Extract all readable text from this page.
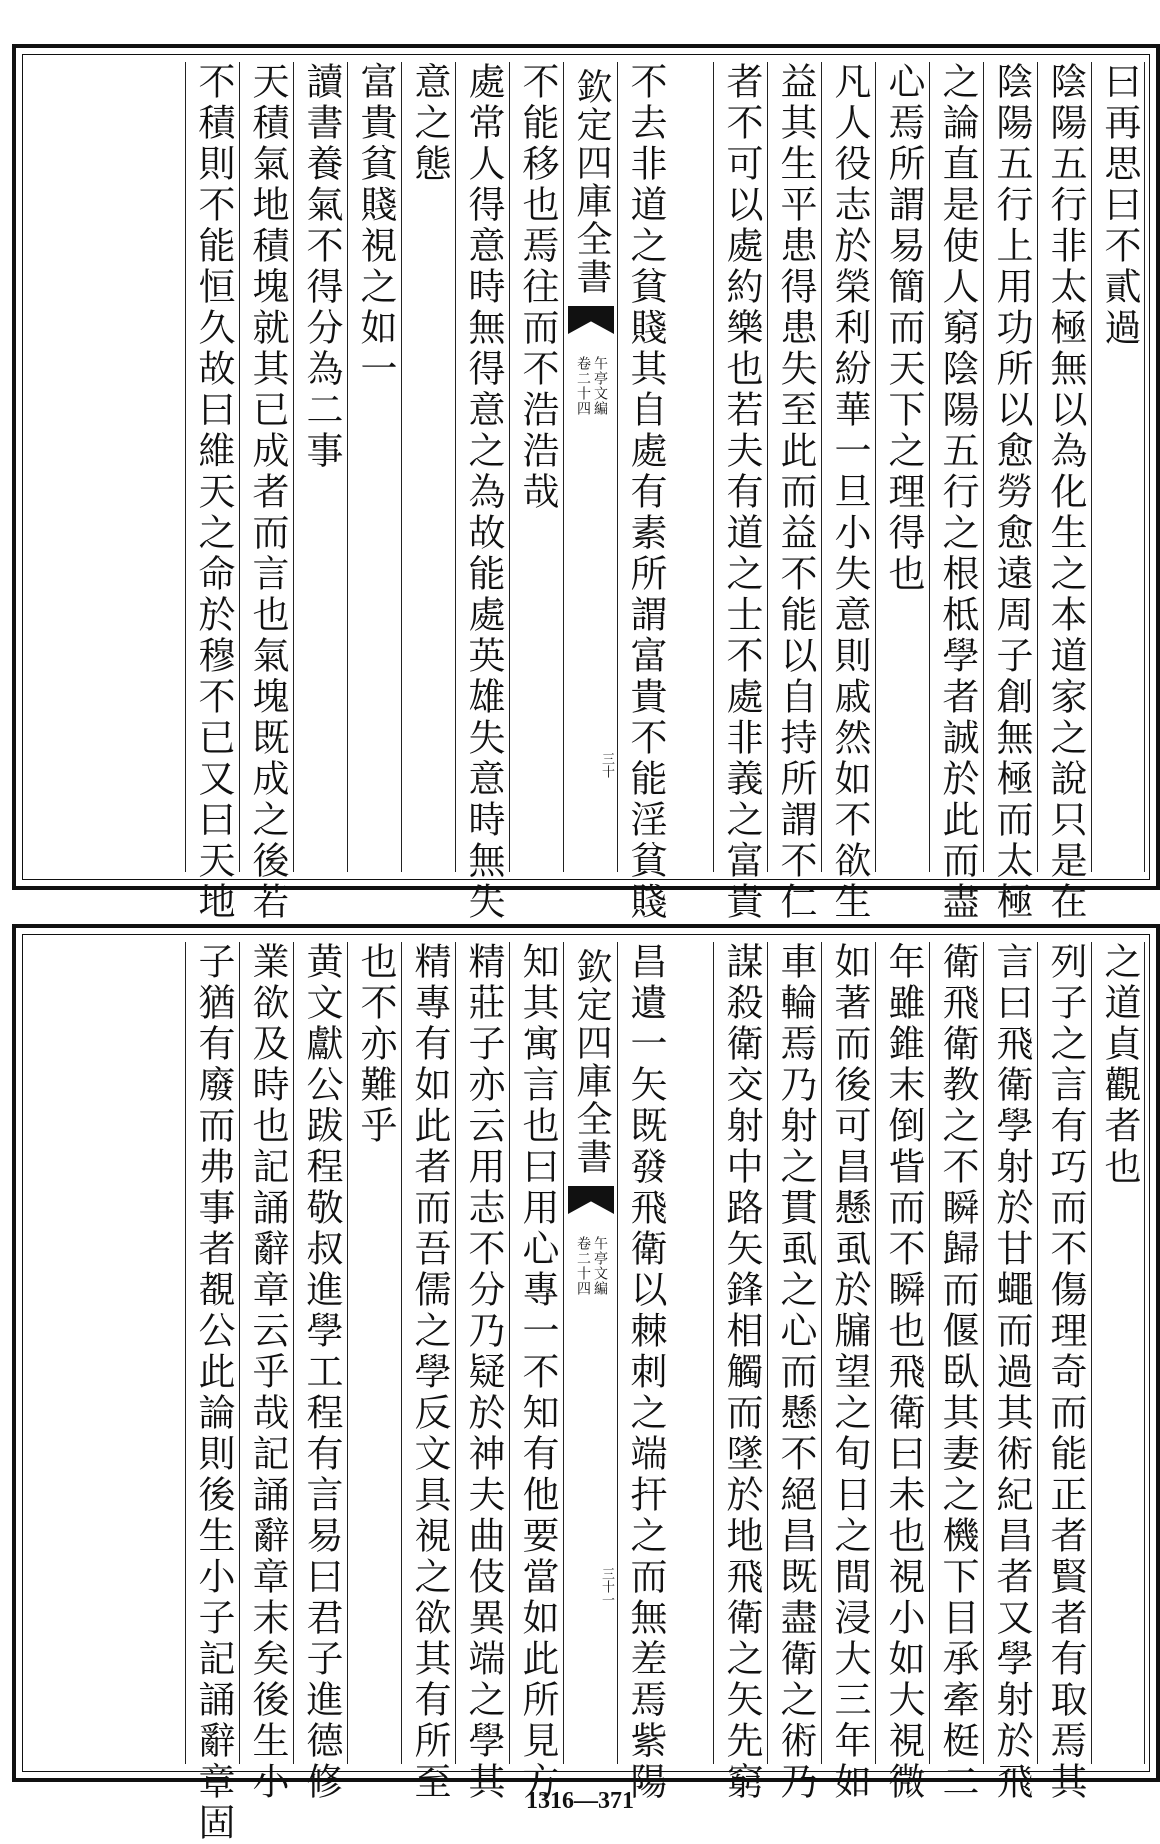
曰再思曰不貳過
陰陽五行非太極無以為化生之本道家之說只是在
陰陽五行上用功所以愈勞愈遠周子創無極而太極
之論直是使人窮陰陽五行之根柢學者誠於此而盡
心焉所謂易簡而天下之理得也
凡人役志於榮利紛華一旦小失意則戚然如不欲生
益其生平患得患失至此而益不能以自持所謂不仁
者不可以處約樂也若夫有道之士不處非義之富貴
不去非道之貧賤其自處有素所謂富貴不能淫貧賤
欽定四庫全書
午亭文編
卷二十四
三十
不能移也焉往而不浩浩哉
處常人得意時無得意之為故能處英雄失意時無失
意之態
富貴貧賤視之如一
讀書養氣不得分為二事
天積氣地積塊就其已成者而言也氣塊既成之後若
不積則不能恒久故曰維天之命於穆不已又曰天地
之道貞觀者也
列子之言有巧而不傷理奇而能正者賢者有取焉其
言曰飛衛學射於甘蠅而過其術紀昌者又學射於飛
衛飛衛教之不瞬歸而偃臥其妻之機下目承牽梃二
年雖錐末倒眥而不瞬也飛衛曰未也視小如大視微
如著而後可昌懸虱於牖望之旬日之間浸大三年如
車輪焉乃射之貫虱之心而懸不絕昌既盡衛之術乃
謀殺衛交射中路矢鋒相觸而墜於地飛衛之矢先窮
昌遺一矢既發飛衛以棘刺之端扞之而無差焉紫陽
欽定四庫全書
午亭文編
卷二十四
三十一
知其寓言也曰用心專一不知有他要當如此所見方
精莊子亦云用志不分乃疑於神夫曲伎異端之學其
精專有如此者而吾儒之學反文具視之欲其有所至
也不亦難乎
黄文獻公跋程敬叔進學工程有言易曰君子進德修
業欲及時也記誦辭章云乎哉記誦辭章末矣後生小
子猶有廢而弗事者覩公此論則後生小子記誦辭章固	1316—371
